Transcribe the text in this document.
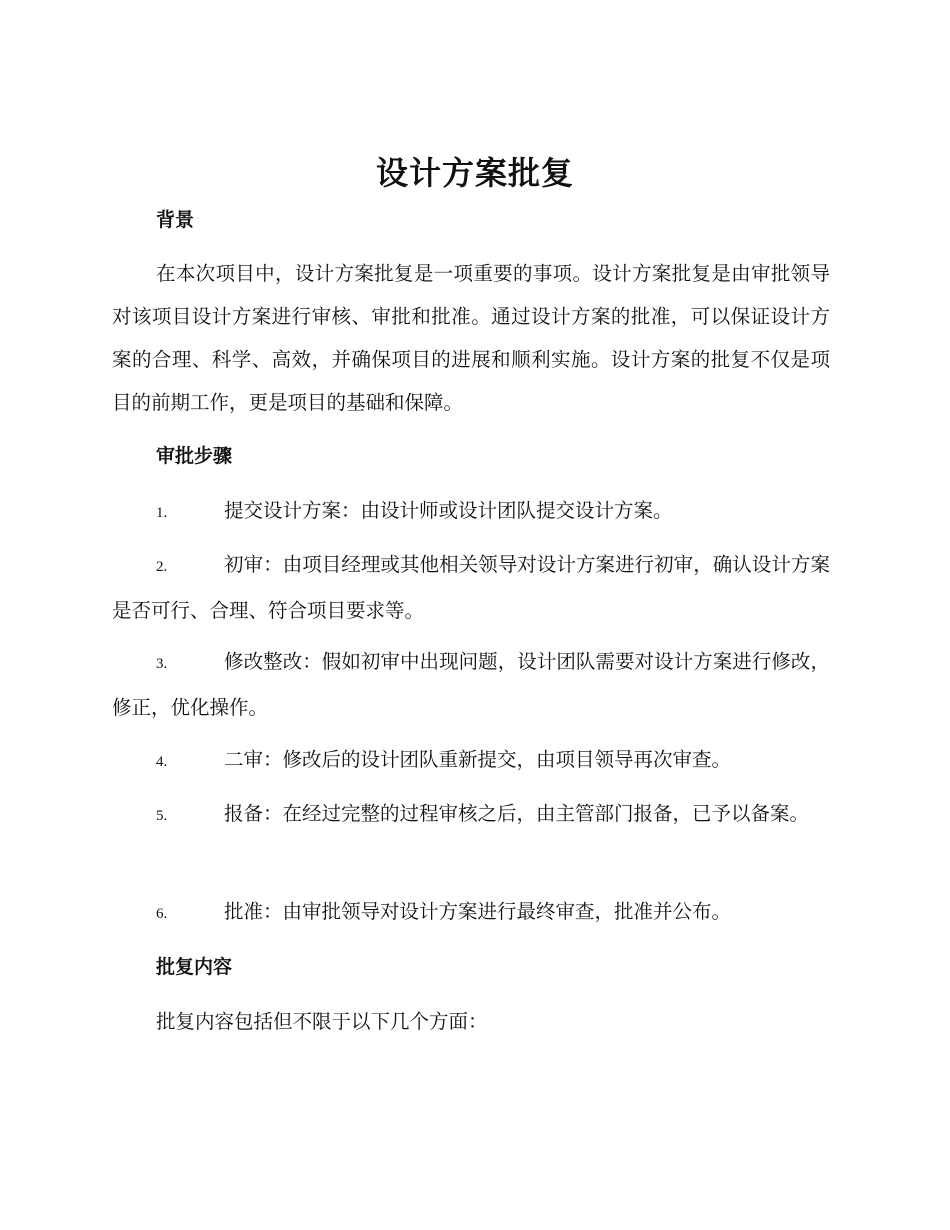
设计方案批复
背景

在本次项目中，设计方案批复是一项重要的事项。设计方案批复是由审批领导对该项目设计方案进行审核、审批和批准。通过设计方案的批准，可以保证设计方案的合理、科学、高效，并确保项目的进展和顺利实施。设计方案的批复不仅是项目的前期工作，更是项目的基础和保障。

审批步骤
1.	提交设计方案：由设计师或设计团队提交设计方案。
2.	初审：由项目经理或其他相关领导对设计方案进行初审，确认设计方案是否可行、合理、符合项目要求等。
3.	修改整改：假如初审中出现问题，设计团队需要对设计方案进行修改，修正，优化操作。
4.	二审：修改后的设计团队重新提交，由项目领导再次审查。
5.	报备：在经过完整的过程审核之后，由主管部门报备，已予以备案。
6.	批准：由审批领导对设计方案进行最终审查，批准并公布。
批复内容

批复内容包括但不限于以下几个方面：
